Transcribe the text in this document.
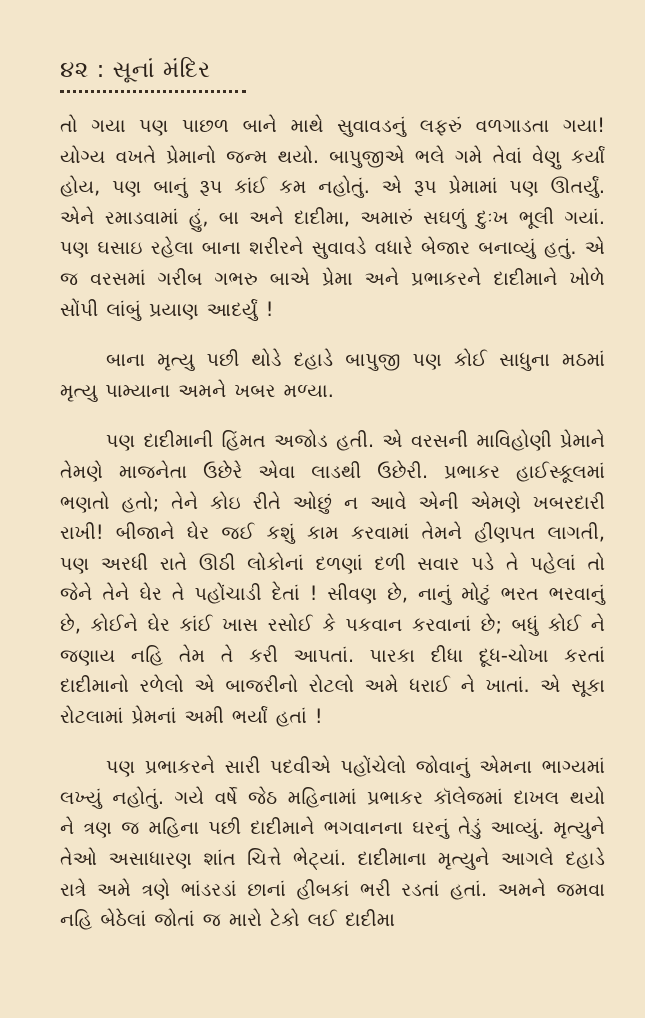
૪૨ : સૂનાં મંદિર

તો ગયા પણ પાછળ બાને માથે સુવાવડનું લફરું વળગાડતા ગયા! યોગ્ય વખતે પ્રેમાનો જન્મ થયો. બાપુજીએ ભલે ગમે તેવાં વેણુ કર્યાં હોય, પણ બાનું રૂપ કાંઈ કમ નહોતું. એ રૂપ પ્રેમામાં પણ ઊતર્યું. એને રમાડવામાં હું, બા અને દાદીમા, અમારું સઘળું દુઃખ ભૂલી ગયાં. પણ ઘસાઇ રહેલા બાના શરીરને સુવાવડે વધારે બેજાર બનાવ્યું હતું. એ જ વરસમાં ગરીબ ગભરુ બાએ પ્રેમા અને પ્રભાકરને દાદીમાને ખોળે સોંપી લાંબું પ્રયાણ આદર્યું !

બાના મૃત્યુ પછી થોડે દહાડે બાપુજી પણ કોઈ સાધુના મઠમાં મૃત્યુ પામ્યાના અમને ખબર મળ્યા.

પણ દાદીમાની હિંમત અજોડ હતી. એ વરસની માવિહોણી પ્રેમાને તેમણે માજનેતા ઉછેરે એવા લાડથી ઉછેરી. પ્રભાકર હાઈસ્કૂલમાં ભણતો હતો; તેને કોઇ રીતે ઓછું ન આવે એની એમણે ખબરદારી રાખી! બીજાને ઘેર જઈ કશું કામ કરવામાં તેમને હીણપત લાગતી, પણ અરધી રાતે ઊઠી લોકોનાં દળણાં દળી સવાર પડે તે પહેલાં તો જેને તેને ઘેર તે પહોંચાડી દેતાં ! સીવણ છે, નાનું મોટું ભરત ભરવાનું છે, કોઈને ઘેર કાંઈ ખાસ રસોઈ કે પકવાન કરવાનાં છે; બધું કોઈ ને જણાય નહિ તેમ તે કરી આપતાં. પારકા દીધા દૂધ-ચોખા કરતાં દાદીમાનો રળેલો એ બાજરીનો રોટલો અમે ધરાઈ ને ખાતાં. એ સૂકા રોટલામાં પ્રેમનાં અમી ભર્યાં હતાં !

પણ પ્રભાકરને સારી પદવીએ પહોંચેલો જોવાનું એમના ભાગ્યમાં લખ્યું નહોતું. ગયે વર્ષે જેઠ મહિનામાં પ્રભાકર કૉલેજમાં દાખલ થયો ને ત્રણ જ મહિના પછી દાદીમાને ભગવાનના ઘરનું તેડું આવ્યું. મૃત્યુને તેઓ અસાધારણ શાંત ચિત્તે ભેટ્યાં. દાદીમાના મૃત્યુને આગલે દહાડે રાત્રે અમે ત્રણે ભાંડરડાં છાનાં હીબકાં ભરી રડતાં હતાં. અમને જમવા નહિ બેઠેલાં જોતાં જ મારો ટેકો લઈ દાદીમા
